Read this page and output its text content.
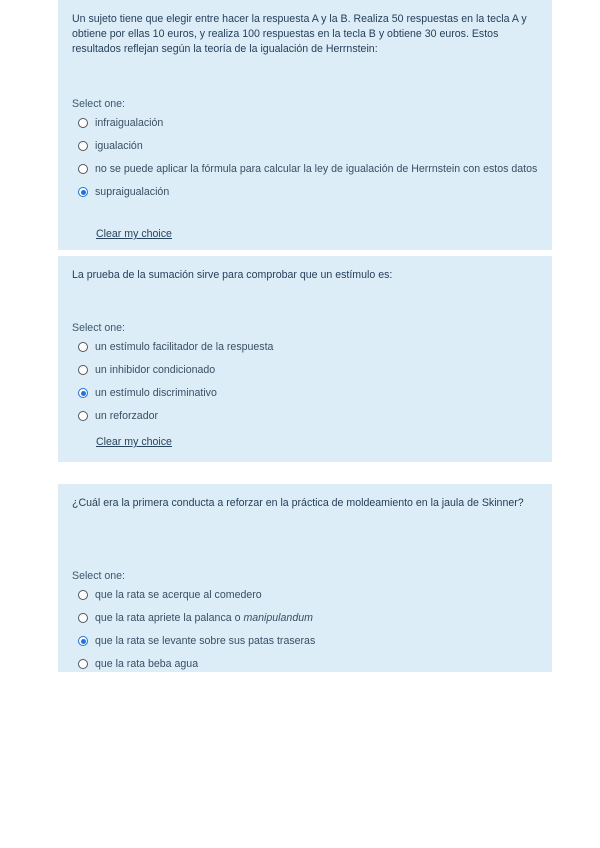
Un sujeto tiene que elegir entre hacer la respuesta A y la B. Realiza 50 respuestas en la tecla A y obtiene por ellas 10 euros, y realiza 100 respuestas en la tecla B y obtiene 30 euros. Estos resultados reflejan según la teoría de la igualación de Herrnstein:
Select one:
infraigualación
igualación
no se puede aplicar la fórmula para calcular la ley de igualación de Herrnstein con estos datos
supraigualación
Clear my choice
La prueba de la sumación sirve para comprobar que un estímulo es:
Select one:
un estímulo facilitador de la respuesta
un inhibidor condicionado
un estímulo discriminativo
un reforzador
Clear my choice
¿Cuál era la primera conducta a reforzar en la práctica de moldeamiento en la jaula de Skinner?
Select one:
que la rata se acerque al comedero
que la rata apriete la palanca o manipulandum
que la rata se levante sobre sus patas traseras
que la rata beba agua
